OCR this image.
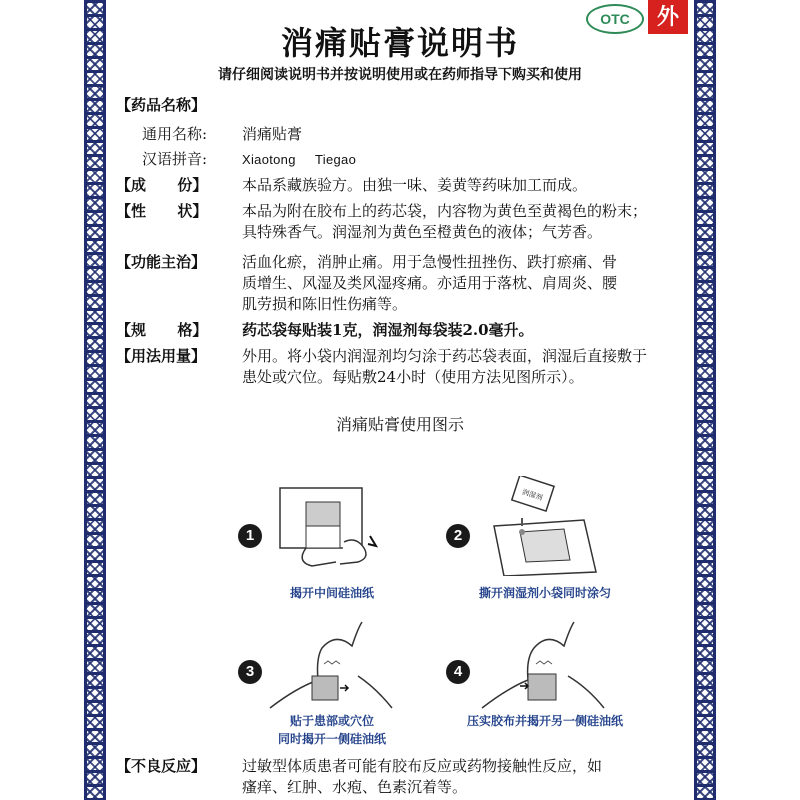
消痛贴膏说明书
OTC	外
请仔细阅读说明书并按说明使用或在药师指导下购买和使用
【药品名称】
通用名称:	消痛贴膏
汉语拼音:	Xiaotong     Tiegao
【成      份】	本品系藏族验方。由独一味、姜黄等药味加工而成。
【性      状】	本品为附在胶布上的药芯袋，内容物为黄色至黄褐色的粉末；
具特殊香气。润湿剂为黄色至橙黄色的液体；气芳香。
【功能主治】	活血化瘀，消肿止痛。用于急慢性扭挫伤、跌打瘀痛、骨
质增生、风湿及类风湿疼痛。亦适用于落枕、肩周炎、腰
肌劳损和陈旧性伤痛等。
【规      格】	药芯袋每贴装1克，润湿剂每袋装2.0毫升。
【用法用量】	外用。将小袋内润湿剂均匀涂于药芯袋表面，润湿后直接敷于
患处或穴位。每贴敷24小时（使用方法见图所示）。
消痛贴膏使用图示
1
揭开中间硅油纸
2
润湿剂
撕开润湿剂小袋同时涂匀
3
贴于患部或穴位
同时揭开一侧硅油纸
4
压实胶布并揭开另一侧硅油纸
【不良反应】	过敏型体质患者可能有胶布反应或药物接触性反应，如
瘙痒、红肿、水疱、色素沉着等。
